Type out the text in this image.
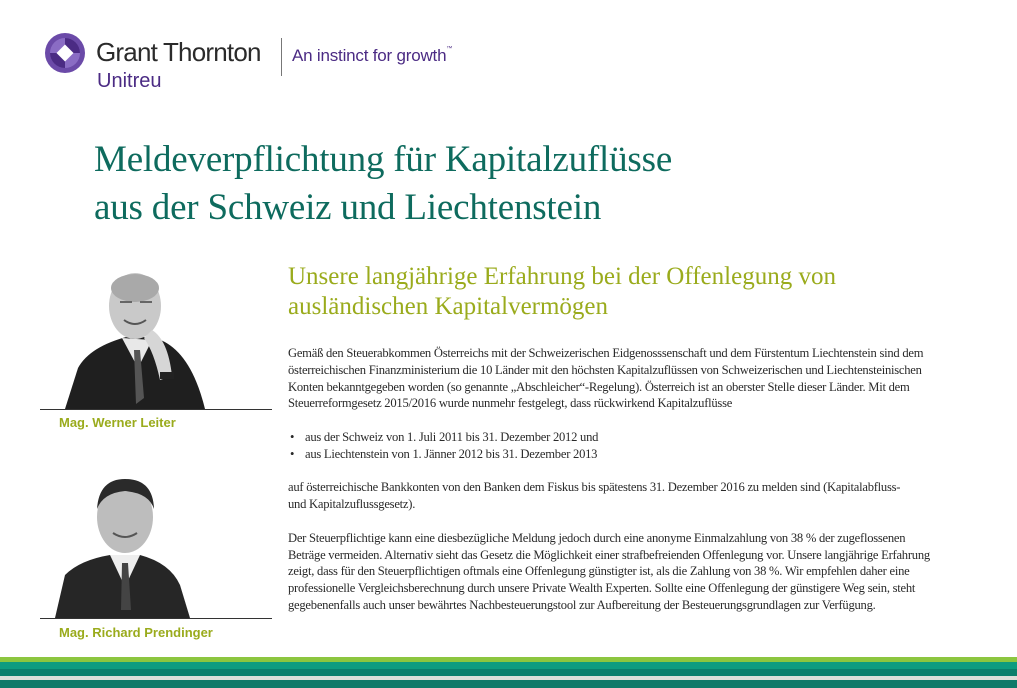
Grant Thornton
Unitreu
An instinct for growth™
Meldeverpflichtung für Kapitalzuflüsse
aus der Schweiz und Liechtenstein
Unsere langjährige Erfahrung bei der Offenlegung von
ausländischen Kapitalvermögen
Mag. Werner Leiter
Mag. Richard Prendinger
Gemäß den Steuerabkommen Österreichs mit der Schweizerischen Eidgenosssenschaft und dem Fürstentum Liechtenstein sind dem
österreichischen Finanzministerium die 10 Länder mit den höchsten Kapitalzuflüssen von Schweizerischen und Liechtensteinischen
Konten bekanntgegeben worden (so genannte „Abschleicher“-Regelung). Österreich ist an oberster Stelle dieser Länder. Mit dem
Steuerreformgesetz 2015/2016 wurde nunmehr festgelegt, dass rückwirkend Kapitalzuflüsse
• aus der Schweiz von 1. Juli 2011 bis 31. Dezember 2012 und
• aus Liechtenstein von 1. Jänner 2012 bis 31. Dezember 2013
auf österreichische Bankkonten von den Banken dem Fiskus bis spätestens 31. Dezember 2016 zu melden sind (Kapitalabfluss-
und Kapitalzuflussgesetz).
Der Steuerpflichtige kann eine diesbezügliche Meldung jedoch durch eine anonyme Einmalzahlung von 38 % der zugeflossenen
Beträge vermeiden. Alternativ sieht das Gesetz die Möglichkeit einer strafbefreienden Offenlegung vor. Unsere langjährige Erfahrung
zeigt, dass für den Steuerpflichtigen oftmals eine Offenlegung günstigter ist, als die Zahlung von 38 %. Wir empfehlen daher eine
professionelle Vergleichsberechnung durch unsere Private Wealth Experten. Sollte eine Offenlegung der günstigere Weg sein, steht
gegebenenfalls auch unser bewährtes Nachbesteuerungstool zur Aufbereitung der Besteuerungsgrundlagen zur Verfügung.
